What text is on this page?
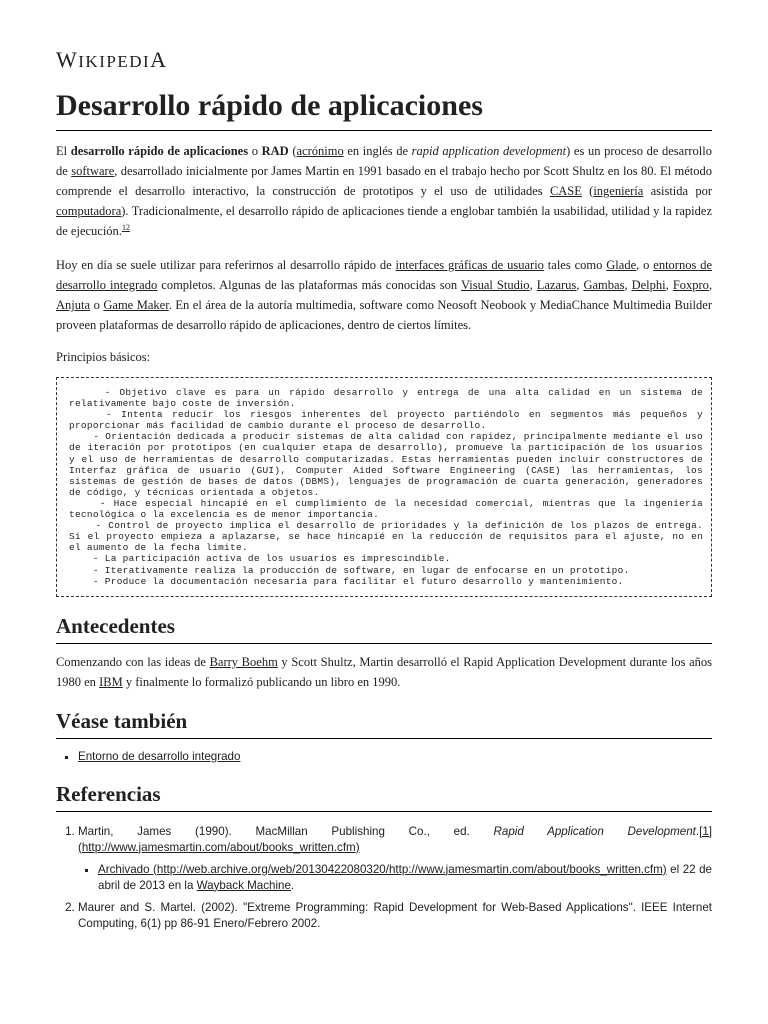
WIKIPEDIA
Desarrollo rápido de aplicaciones

El desarrollo rápido de aplicaciones o RAD (acrónimo en inglés de rapid application development) es un proceso de desarrollo de software, desarrollado inicialmente por James Martin en 1991 basado en el trabajo hecho por Scott Shultz en los 80. El método comprende el desarrollo interactivo, la construcción de prototipos y el uso de utilidades CASE (ingeniería asistida por computadora). Tradicionalmente, el desarrollo rápido de aplicaciones tiende a englobar también la usabilidad, utilidad y la rapidez de ejecución.$^{12}$

Hoy en día se suele utilizar para referirnos al desarrollo rápido de interfaces gráficas de usuario tales como Glade, o entornos de desarrollo integrado completos. Algunas de las plataformas más conocidas son Visual Studio, Lazarus, Gambas, Delphi, Foxpro, Anjuta o Game Maker. En el área de la autoría multimedia, software como Neosoft Neobook y MediaChance Multimedia Builder proveen plataformas de desarrollo rápido de aplicaciones, dentro de ciertos límites.

Principios básicos:

- Objetivo clave es para un rápido desarrollo y entrega de una alta calidad en un sistema de relativamente bajo coste de inversión.
- Intenta reducir los riesgos inherentes del proyecto partiéndolo en segmentos más pequeños y proporcionar más facilidad de cambio durante el proceso de desarrollo.
- Orientación dedicada a producir sistemas de alta calidad con rapidez, principalmente mediante el uso de iteración por prototipos (en cualquier etapa de desarrollo), promueve la participación de los usuarios y el uso de herramientas de desarrollo computarizadas. Estas herramientas pueden incluir constructores de Interfaz gráfica de usuario (GUI), Computer Aided Software Engineering (CASE) las herramientas, los sistemas de gestión de bases de datos (DBMS), lenguajes de programación de cuarta generación, generadores de código, y técnicas orientada a objetos.
- Hace especial hincapié en el cumplimiento de la necesidad comercial, mientras que la ingeniería tecnológica o la excelencia es de menor importancia.
- Control de proyecto implica el desarrollo de prioridades y la definición de los plazos de entrega. Si el proyecto empieza a aplazarse, se hace hincapié en la reducción de requisitos para el ajuste, no en el aumento de la fecha límite.
- La participación activa de los usuarios es imprescindible.
- Iterativamente realiza la producción de software, en lugar de enfocarse en un prototipo.
- Produce la documentación necesaria para facilitar el futuro desarrollo y mantenimiento.
Antecedentes

Comenzando con las ideas de Barry Boehm y Scott Shultz, Martin desarrolló el Rapid Application Development durante los años 1980 en IBM y finalmente lo formalizó publicando un libro en 1990.

Véase también
▪ Entorno de desarrollo integrado
Referencias
1. Martin, James (1990). MacMillan Publishing Co., ed. Rapid Application Development.[1] (http://www.jamesmartin.com/about/books_written.cfm)
▪ Archivado (http://web.archive.org/web/20130422080320/http://www.jamesmartin.com/about/books_written.cfm) el 22 de abril de 2013 en la Wayback Machine.
2. Maurer and S. Martel. (2002). "Extreme Programming: Rapid Development for Web-Based Applications". IEEE Internet Computing, 6(1) pp 86-91 Enero/Febrero 2002.
